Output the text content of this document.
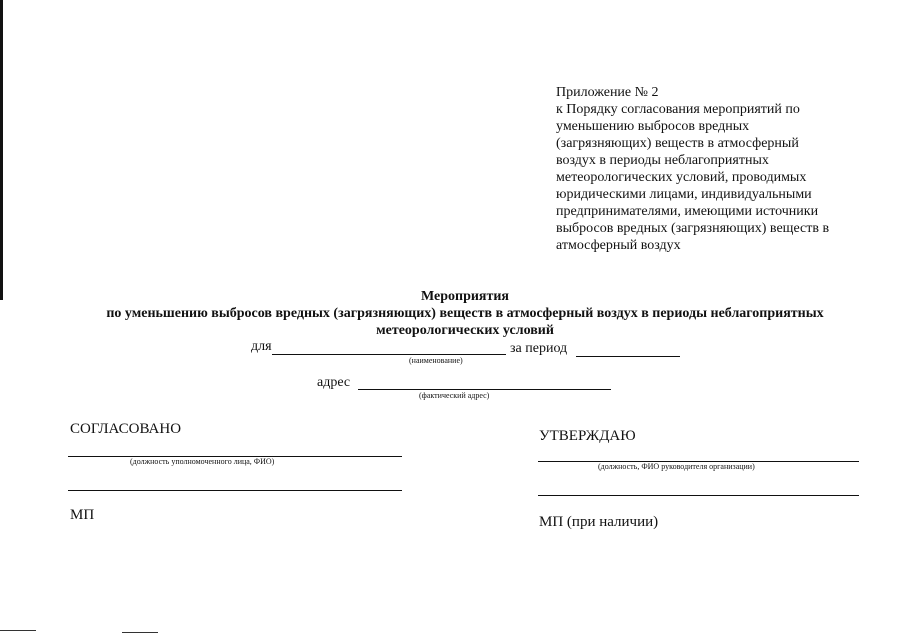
Приложение № 2
к Порядку согласования мероприятий по
уменьшению выбросов вредных
(загрязняющих) веществ в атмосферный
воздух в периоды неблагоприятных
метеорологических условий, проводимых
юридическими лицами, индивидуальными
предпринимателями, имеющими источники
выбросов вредных (загрязняющих) веществ в
атмосферный воздух
Мероприятия
по уменьшению выбросов вредных (загрязняющих) веществ в атмосферный воздух в периоды неблагоприятных
метеорологических условий
для
(наименование)
за период
адрес
(фактический адрес)
СОГЛАСОВАНО
(должность уполномоченного лица, ФИО)
МП
УТВЕРЖДАЮ
(должность, ФИО руководителя организации)
МП (при наличии)
